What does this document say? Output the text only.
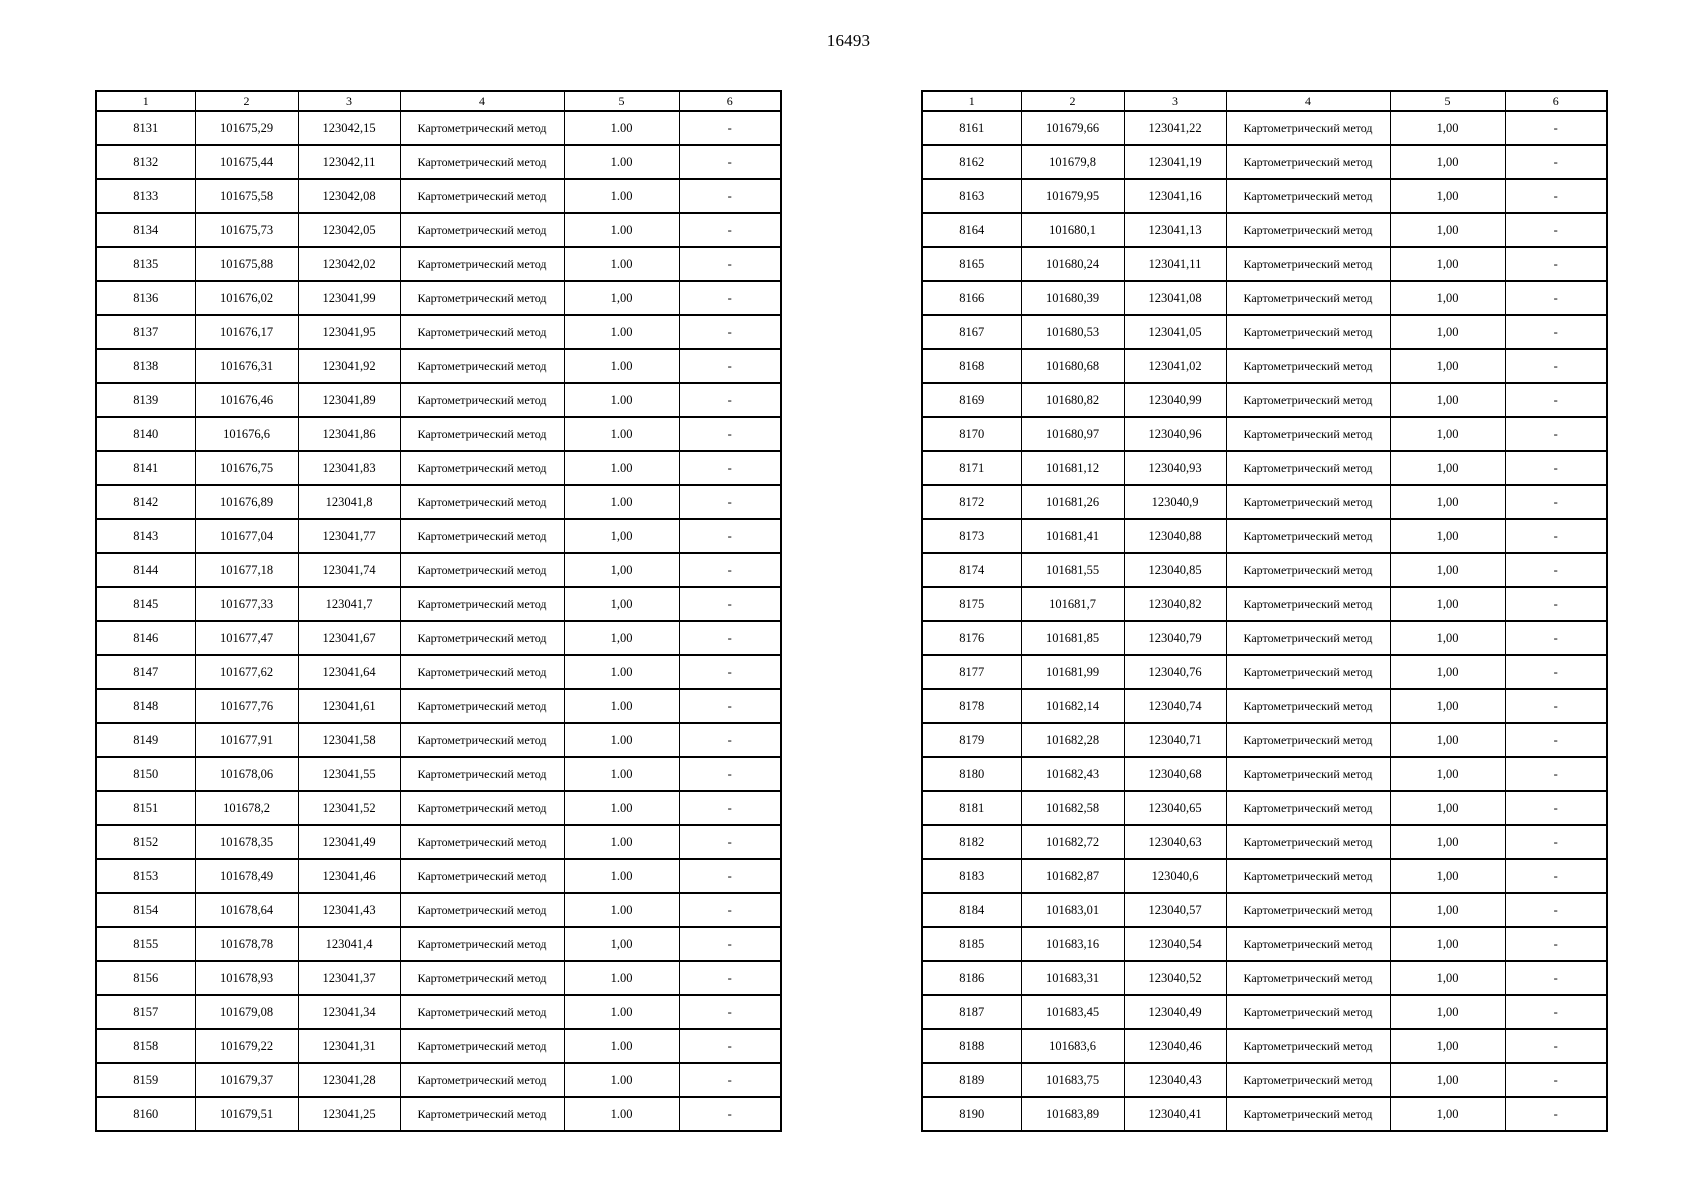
16493
1	2	3	4	5	6
8131	101675,29	123042,15	Картометрический метод	1.00	-
8132	101675,44	123042,11	Картометрический метод	1.00	-
8133	101675,58	123042,08	Картометрический метод	1.00	-
8134	101675,73	123042,05	Картометрический метод	1.00	-
8135	101675,88	123042,02	Картометрический метод	1.00	-
8136	101676,02	123041,99	Картометрический метод	1,00	-
8137	101676,17	123041,95	Картометрический метод	1.00	-
8138	101676,31	123041,92	Картометрический метод	1.00	-
8139	101676,46	123041,89	Картометрический метод	1.00	-
8140	101676,6	123041,86	Картометрический метод	1.00	-
8141	101676,75	123041,83	Картометрический метод	1.00	-
8142	101676,89	123041,8	Картометрический метод	1.00	-
8143	101677,04	123041,77	Картометрический метод	1,00	-
8144	101677,18	123041,74	Картометрический метод	1,00	-
8145	101677,33	123041,7	Картометрический метод	1,00	-
8146	101677,47	123041,67	Картометрический метод	1,00	-
8147	101677,62	123041,64	Картометрический метод	1.00	-
8148	101677,76	123041,61	Картометрический метод	1.00	-
8149	101677,91	123041,58	Картометрический метод	1.00	-
8150	101678,06	123041,55	Картометрический метод	1.00	-
8151	101678,2	123041,52	Картометрический метод	1.00	-
8152	101678,35	123041,49	Картометрический метод	1.00	-
8153	101678,49	123041,46	Картометрический метод	1.00	-
8154	101678,64	123041,43	Картометрический метод	1.00	-
8155	101678,78	123041,4	Картометрический метод	1,00	-
8156	101678,93	123041,37	Картометрический метод	1.00	-
8157	101679,08	123041,34	Картометрический метод	1.00	-
8158	101679,22	123041,31	Картометрический метод	1.00	-
8159	101679,37	123041,28	Картометрический метод	1.00	-
8160	101679,51	123041,25	Картометрический метод	1.00	-
1	2	3	4	5	6
8161	101679,66	123041,22	Картометрический метод	1,00	-
8162	101679,8	123041,19	Картометрический метод	1,00	-
8163	101679,95	123041,16	Картометрический метод	1,00	-
8164	101680,1	123041,13	Картометрический метод	1,00	-
8165	101680,24	123041,11	Картометрический метод	1,00	-
8166	101680,39	123041,08	Картометрический метод	1,00	-
8167	101680,53	123041,05	Картометрический метод	1,00	-
8168	101680,68	123041,02	Картометрический метод	1,00	-
8169	101680,82	123040,99	Картометрический метод	1,00	-
8170	101680,97	123040,96	Картометрический метод	1,00	-
8171	101681,12	123040,93	Картометрический метод	1,00	-
8172	101681,26	123040,9	Картометрический метод	1,00	-
8173	101681,41	123040,88	Картометрический метод	1,00	-
8174	101681,55	123040,85	Картометрический метод	1,00	-
8175	101681,7	123040,82	Картометрический метод	1,00	-
8176	101681,85	123040,79	Картометрический метод	1,00	-
8177	101681,99	123040,76	Картометрический метод	1,00	-
8178	101682,14	123040,74	Картометрический метод	1,00	-
8179	101682,28	123040,71	Картометрический метод	1,00	-
8180	101682,43	123040,68	Картометрический метод	1,00	-
8181	101682,58	123040,65	Картометрический метод	1,00	-
8182	101682,72	123040,63	Картометрический метод	1,00	-
8183	101682,87	123040,6	Картометрический метод	1,00	-
8184	101683,01	123040,57	Картометрический метод	1,00	-
8185	101683,16	123040,54	Картометрический метод	1,00	-
8186	101683,31	123040,52	Картометрический метод	1,00	-
8187	101683,45	123040,49	Картометрический метод	1,00	-
8188	101683,6	123040,46	Картометрический метод	1,00	-
8189	101683,75	123040,43	Картометрический метод	1,00	-
8190	101683,89	123040,41	Картометрический метод	1,00	-
